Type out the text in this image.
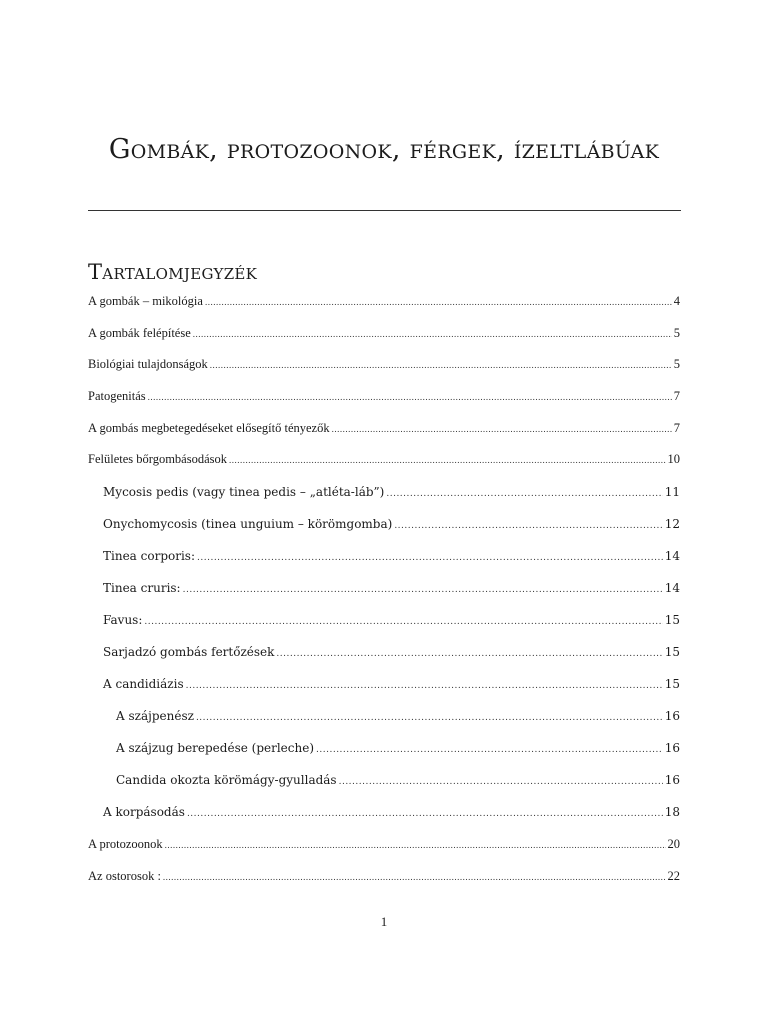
Gombák, protozoonok, férgek, ízeltlábúak
Tartalomjegyzék
A gombák – mikológia .....	4
A gombák felépítése .....	5
Biológiai tulajdonságok .....	5
Patogenitás .....	7
A gombás megbetegedéseket elősegítő tényezők .....	7
Felületes bőrgombásodások .....	10
Mycosis pedis (vagy tinea pedis – „atléta-láb”) .....	11
Onychomycosis (tinea unguium – körömgomba) .....	12
Tinea corporis: .....	14
Tinea cruris: .....	14
Favus: .....	15
Sarjadzó gombás fertőzések .....	15
A candidiázis .....	15
A szájpenész .....	16
A szájzug berepedése (perleche) .....	16
Candida okozta körömágy-gyulladás .....	16
A korpásodás .....	18
A protozoonok .....	20
Az ostorosok : .....	22
1
